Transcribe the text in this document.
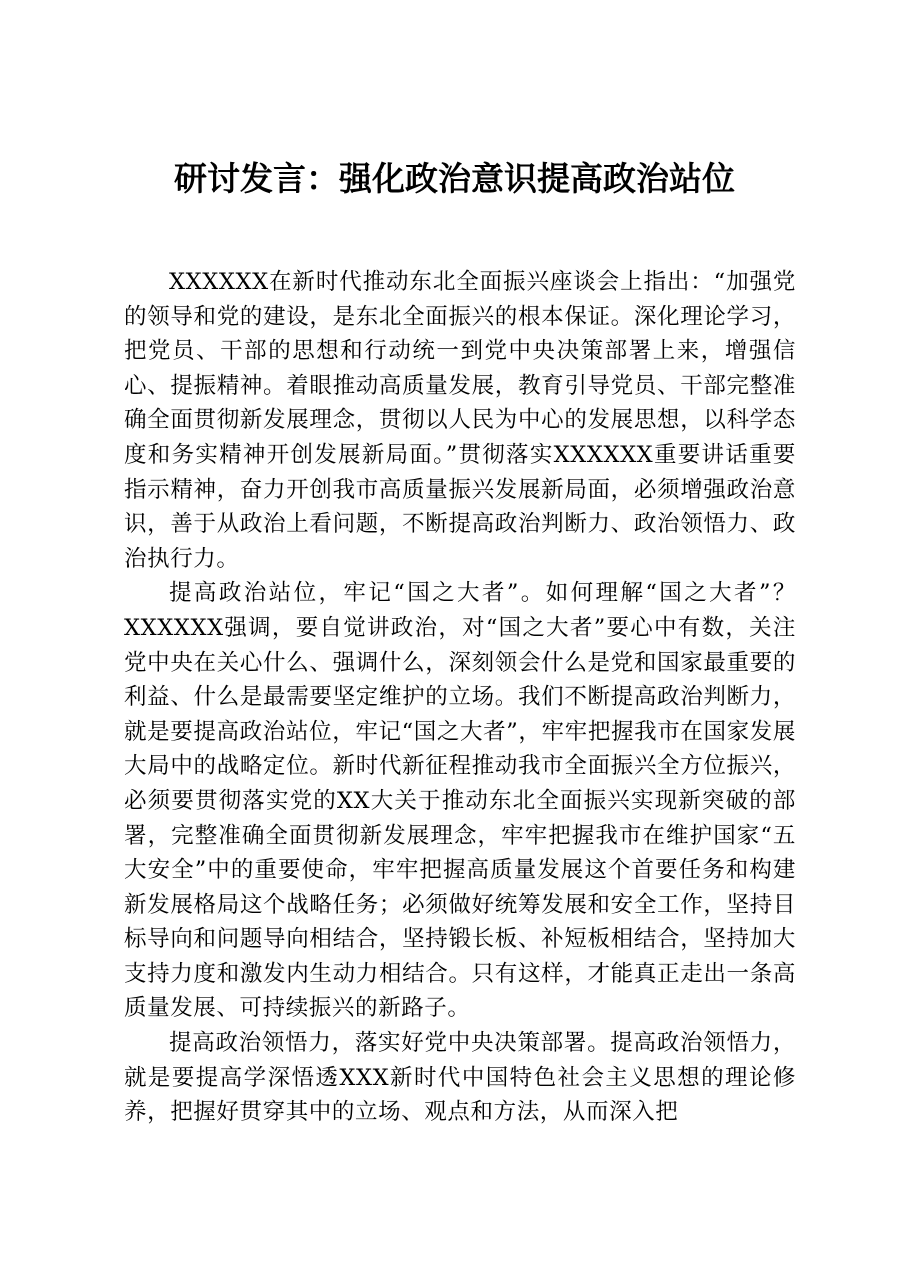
研讨发言：强化政治意识提高政治站位

XXXXXX在新时代推动东北全面振兴座谈会上指出：“加强党的领导和党的建设，是东北全面振兴的根本保证。深化理论学习，把党员、干部的思想和行动统一到党中央决策部署上来，增强信心、提振精神。着眼推动高质量发展，教育引导党员、干部完整准确全面贯彻新发展理念，贯彻以人民为中心的发展思想，以科学态度和务实精神开创发展新局面。”贯彻落实XXXXXX重要讲话重要指示精神，奋力开创我市高质量振兴发展新局面，必须增强政治意识，善于从政治上看问题，不断提高政治判断力、政治领悟力、政治执行力。

提高政治站位，牢记“国之大者”。如何理解“国之大者”？XXXXXX强调，要自觉讲政治，对“国之大者”要心中有数，关注党中央在关心什么、强调什么，深刻领会什么是党和国家最重要的利益、什么是最需要坚定维护的立场。我们不断提高政治判断力，就是要提高政治站位，牢记“国之大者”，牢牢把握我市在国家发展大局中的战略定位。新时代新征程推动我市全面振兴全方位振兴，必须要贯彻落实党的XX大关于推动东北全面振兴实现新突破的部署，完整准确全面贯彻新发展理念，牢牢把握我市在维护国家“五大安全”中的重要使命，牢牢把握高质量发展这个首要任务和构建新发展格局这个战略任务；必须做好统筹发展和安全工作，坚持目标导向和问题导向相结合，坚持锻长板、补短板相结合，坚持加大支持力度和激发内生动力相结合。只有这样，才能真正走出一条高质量发展、可持续振兴的新路子。

提高政治领悟力，落实好党中央决策部署。提高政治领悟力，就是要提高学深悟透XXX新时代中国特色社会主义思想的理论修养，把握好贯穿其中的立场、观点和方法，从而深入把
